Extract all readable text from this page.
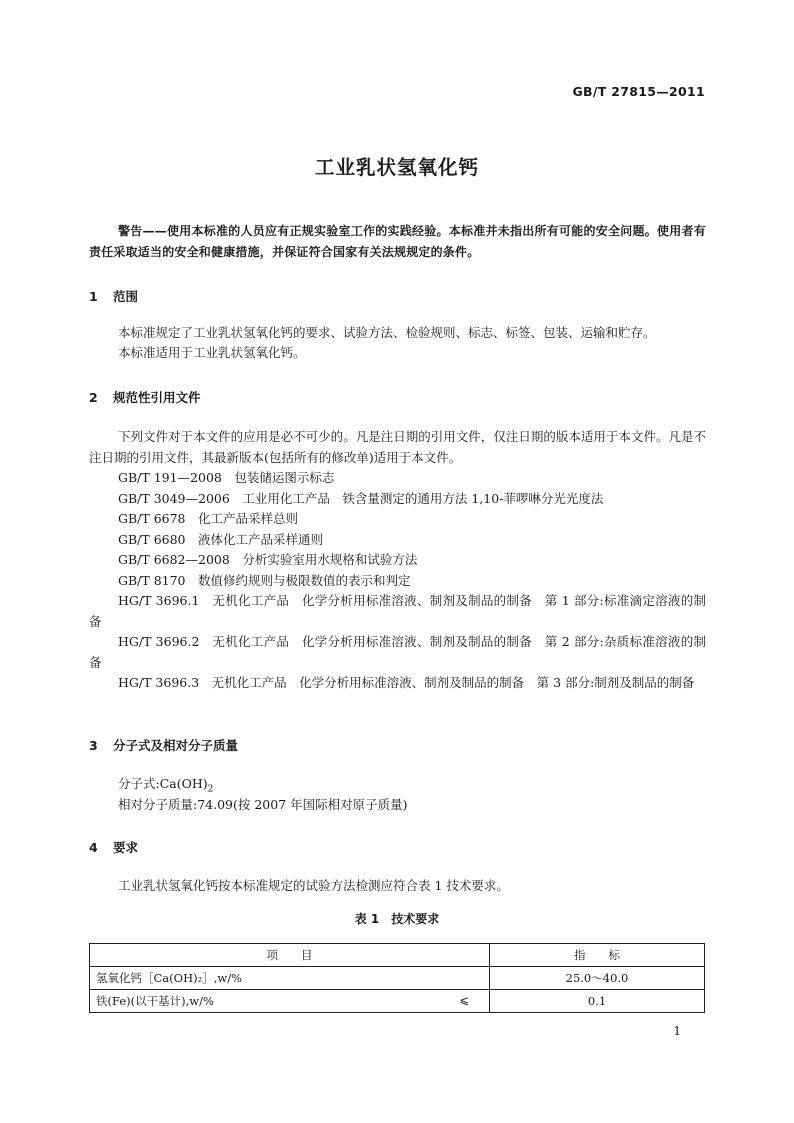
GB/T 27815—2011
工业乳状氢氧化钙
警告——使用本标准的人员应有正规实验室工作的实践经验。本标准并未指出所有可能的安全问题。使用者有责任采取适当的安全和健康措施，并保证符合国家有关法规规定的条件。
1 范围
本标准规定了工业乳状氢氧化钙的要求、试验方法、检验规则、标志、标签、包装、运输和贮存。
本标准适用于工业乳状氢氧化钙。
2 规范性引用文件
下列文件对于本文件的应用是必不可少的。凡是注日期的引用文件，仅注日期的版本适用于本文件。凡是不注日期的引用文件，其最新版本(包括所有的修改单)适用于本文件。
GB/T 191—2008　 包装储运图示标志
GB/T 3049—2006　 工业用化工产品　铁含量测定的通用方法 1,10-菲啰啉分光光度法
GB/T 6678　 化工产品采样总则
GB/T 6680　 液体化工产品采样通则
GB/T 6682—2008　 分析实验室用水规格和试验方法
GB/T 8170　 数值修约规则与极限数值的表示和判定
HG/T 3696.1　 无机化工产品　化学分析用标准溶液、制剂及制品的制备　第 1 部分:标准滴定溶液的制备
HG/T 3696.2　 无机化工产品　化学分析用标准溶液、制剂及制品的制备　第 2 部分:杂质标准溶液的制备
HG/T 3696.3　 无机化工产品　化学分析用标准溶液、制剂及制品的制备　第 3 部分:制剂及制品的制备
3 分子式及相对分子质量
分子式$:Ca(OH)_2$
相对分子质量:74.09(按 2007 年国际相对原子质量)
4 要求
工业乳状氢氧化钙按本标准规定的试验方法检测应符合表 1 技术要求。
表 1　技术要求
项　　目	指　　标
氢氧化钙［Ca(OH)₂］,w/%	25.0～40.0
铁(Fe)(以干基计),w/% ⩽	0.1
1
